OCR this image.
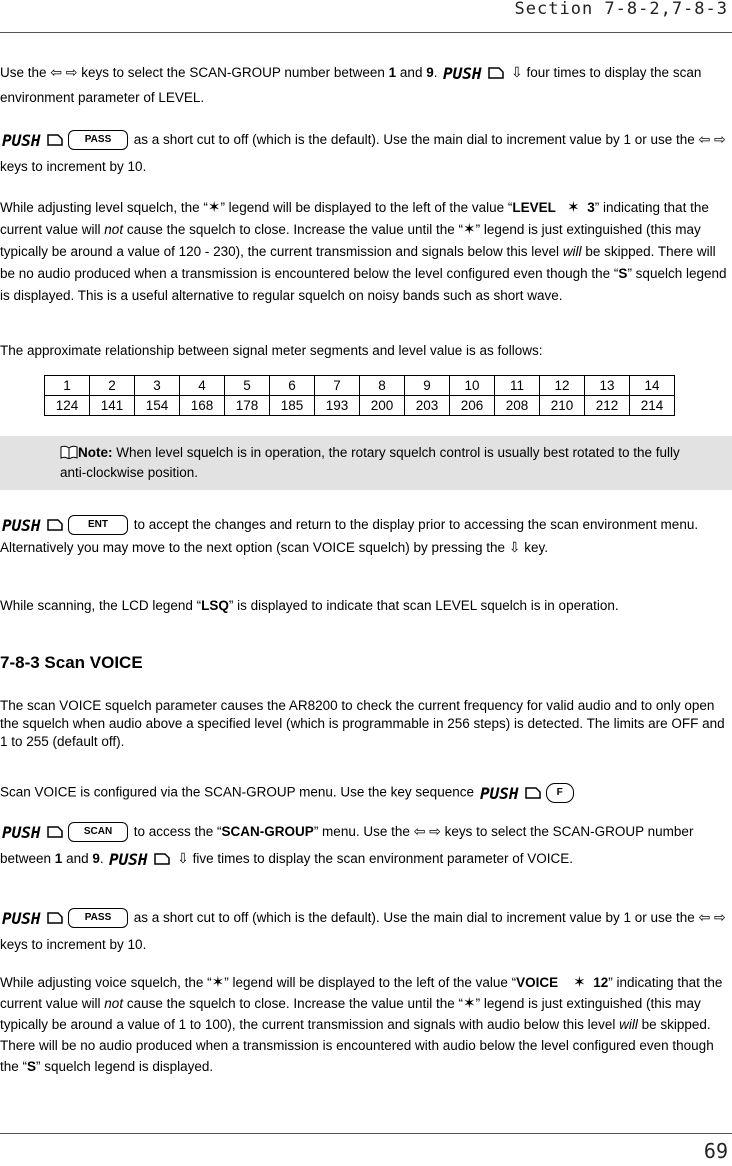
Section 7-8-2,7-8-3

Use the ⇦ ⇨ keys to select the SCAN-GROUP number between 1 and 9. PUSH ⇩ four times to display the scan environment parameter of LEVEL.

PUSH	PASS as a short cut to off (which is the default). Use the main dial to increment value by 1 or use the ⇦ ⇨ keys to increment by 10.

While adjusting level squelch, the “✶” legend will be displayed to the left of the value “LEVEL ✶ 3” indicating that the current value will not cause the squelch to close. Increase the value until the “✶” legend is just extinguished (this may typically be around a value of 120 - 230), the current transmission and signals below this level will be skipped. There will be no audio produced when a transmission is encountered below the level configured even though the “S” squelch legend is displayed. This is a useful alternative to regular squelch on noisy bands such as short wave.

The approximate relationship between signal meter segments and level value is as follows:

1	2	3	4	5	6	7	8	9	10	11	12	13	14
124	141	154	168	178	185	193	200	203	206	208	210	212	214
Note: When level squelch is in operation, the rotary squelch control is usually best rotated to the fully anti-clockwise position.

PUSH	ENT to accept the changes and return to the display prior to accessing the scan environment menu. Alternatively you may move to the next option (scan VOICE squelch) by pressing the ⇩ key.

While scanning, the LCD legend “LSQ” is displayed to indicate that scan LEVEL squelch is in operation.

7-8-3 Scan VOICE

The scan VOICE squelch parameter causes the AR8200 to check the current frequency for valid audio and to only open the squelch when audio above a specified level (which is programmable in 256 steps) is detected. The limits are OFF and 1 to 255 (default off).

Scan VOICE is configured via the SCAN-GROUP menu. Use the key sequence PUSH	F

PUSH	SCAN to access the “SCAN-GROUP” menu. Use the ⇦ ⇨ keys to select the SCAN-GROUP number between 1 and 9. PUSH ⇩ five times to display the scan environment parameter of VOICE.

PUSH	PASS as a short cut to off (which is the default). Use the main dial to increment value by 1 or use the ⇦ ⇨ keys to increment by 10.

While adjusting voice squelch, the “✶” legend will be displayed to the left of the value “VOICE ✶ 12” indicating that the current value will not cause the squelch to close. Increase the value until the “✶” legend is just extinguished (this may typically be around a value of 1 to 100), the current transmission and signals with audio below this level will be skipped. There will be no audio produced when a transmission is encountered with audio below the level configured even though the “S” squelch legend is displayed.

69
